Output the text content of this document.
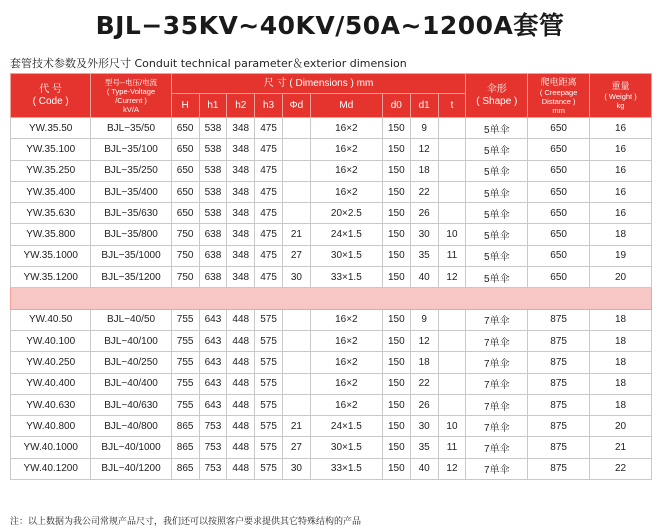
BJL−35KV~40KV/50A~1200A套管
套管技术参数及外形尺寸 Conduit technical parameter＆exterior dimension
代 号
( Code )	型号--电压/电流
( Type-Voltage
/Current )
kV/A	尺 寸 ( Dimensions ) mm									伞形
( Shape )	爬电距离
( Creepage
Distance )
mm	重量
( Weight )
kg

		H	h1	h2	h3	Φd	Md	d0	d1	t			
YW.35.50	BJL−35/50	650	538	348	475		16×2	150	9		5单伞	650	16
YW.35.100	BJL−35/100	650	538	348	475		16×2	150	12		5单伞	650	16
YW.35.250	BJL−35/250	650	538	348	475		16×2	150	18		5单伞	650	16
YW.35.400	BJL−35/400	650	538	348	475		16×2	150	22		5单伞	650	16
YW.35.630	BJL−35/630	650	538	348	475		20×2.5	150	26		5单伞	650	16
YW.35.800	BJL−35/800	750	638	348	475	21	24×1.5	150	30	10	5单伞	650	18
YW.35.1000	BJL−35/1000	750	638	348	475	27	30×1.5	150	35	11	5单伞	650	19
YW.35.1200	BJL−35/1200	750	638	348	475	30	33×1.5	150	40	12	5单伞	650	20

YW.40.50	BJL−40/50	755	643	448	575		16×2	150	9		7单伞	875	18
YW.40.100	BJL−40/100	755	643	448	575		16×2	150	12		7单伞	875	18
YW.40.250	BJL−40/250	755	643	448	575		16×2	150	18		7单伞	875	18
YW.40.400	BJL−40/400	755	643	448	575		16×2	150	22		7单伞	875	18
YW.40.630	BJL−40/630	755	643	448	575		16×2	150	26		7单伞	875	18
YW.40.800	BJL−40/800	865	753	448	575	21	24×1.5	150	30	10	7单伞	875	20
YW.40.1000	BJL−40/1000	865	753	448	575	27	30×1.5	150	35	11	7单伞	875	21
YW.40.1200	BJL−40/1200	865	753	448	575	30	33×1.5	150	40	12	7单伞	875	22
注：以上数据为我公司常规产品尺寸，我们还可以按照客户要求提供其它特殊结构的产品
